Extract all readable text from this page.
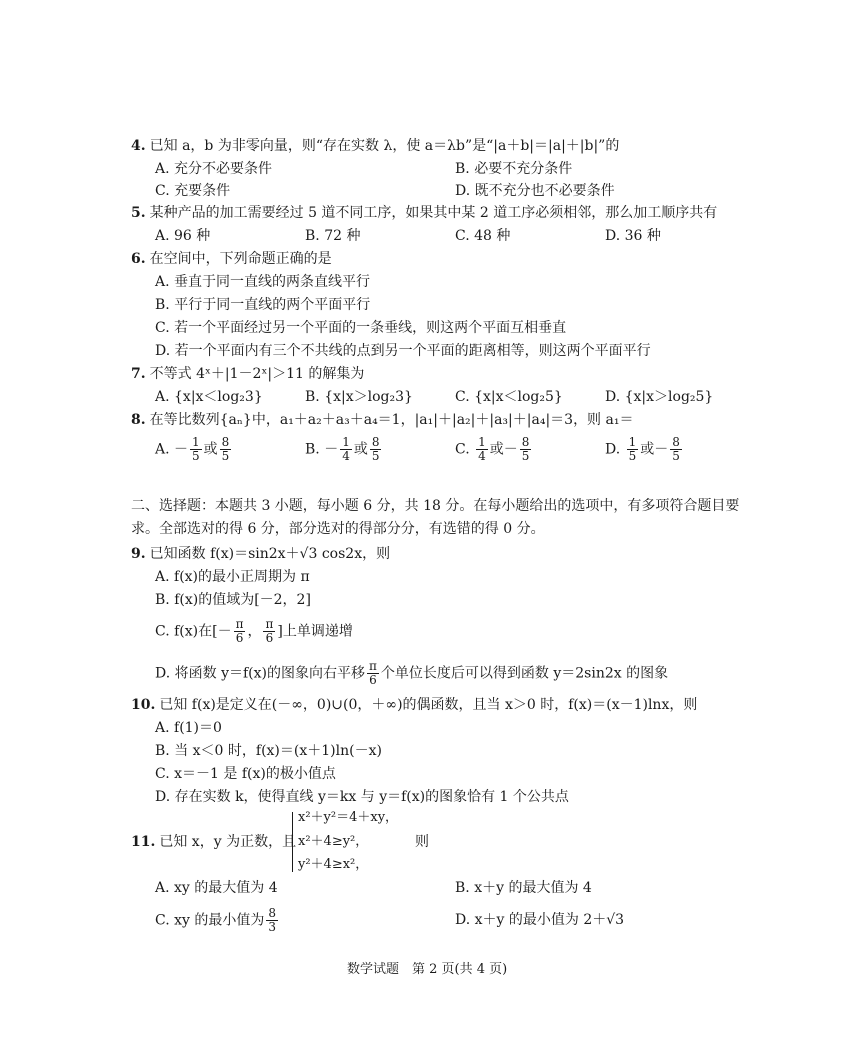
4. 已知 a，b 为非零向量，则“存在实数 λ，使 a＝λb”是“|a＋b|＝|a|＋|b|”的
A. 充分不必要条件	B. 必要不充分条件
C. 充要条件	D. 既不充分也不必要条件
5. 某种产品的加工需要经过 5 道不同工序，如果其中某 2 道工序必须相邻，那么加工顺序共有
A. 96 种	B. 72 种	C. 48 种	D. 36 种
6. 在空间中，下列命题正确的是
A. 垂直于同一直线的两条直线平行
B. 平行于同一直线的两个平面平行
C. 若一个平面经过另一个平面的一条垂线，则这两个平面互相垂直
D. 若一个平面内有三个不共线的点到另一个平面的距离相等，则这两个平面平行
7. 不等式 4ˣ＋|1－2ˣ|＞11 的解集为
A. {x|x＜log₂3}	B. {x|x＞log₂3}	C. {x|x＜log₂5}	D. {x|x＞log₂5}
8. 在等比数列{aₙ}中，a₁＋a₂＋a₃＋a₄＝1，|a₁|＋|a₂|＋|a₃|＋|a₄|＝3，则 a₁＝
A. － $\frac{1}{5}$ 或 $\frac{8}{5}$	B. － $\frac{1}{4}$ 或 $\frac{8}{5}$	C. $\frac{1}{4}$ 或－ $\frac{8}{5}$	D. $\frac{1}{5}$ 或－ $\frac{8}{5}$
二、选择题：本题共 3 小题，每小题 6 分，共 18 分。在每小题给出的选项中，有多项符合题目要
求。全部选对的得 6 分，部分选对的得部分分，有选错的得 0 分。
9. 已知函数 f(x)＝sin2x＋√3 cos2x，则
A. f(x)的最小正周期为 π
B. f(x)的值域为[－2，2]
C. f(x)在[－ $\frac{\pi}{6}$ ， $\frac{\pi}{6}$ ]上单调递增
D. 将函数 y＝f(x)的图象向右平移 $\frac{\pi}{6}$ 个单位长度后可以得到函数 y＝2sin2x 的图象
10. 已知 f(x)是定义在(－∞，0)∪(0，＋∞)的偶函数，且当 x＞0 时，f(x)＝(x－1)lnx，则
A. f(1)＝0
B. 当 x＜0 时，f(x)＝(x＋1)ln(－x)
C. x＝－1 是 f(x)的极小值点
D. 存在实数 k，使得直线 y＝kx 与 y＝f(x)的图象恰有 1 个公共点
11. 已知 x，y 为正数，且
x²＋y²＝4＋xy，
x²＋4≥y²，
y²＋4≥x²，
则
A. xy 的最大值为 4	B. x＋y 的最大值为 4
C. xy 的最小值为 $\frac{8}{3}$	D. x＋y 的最小值为 2＋√3
数学试题　第 2 页(共 4 页)
